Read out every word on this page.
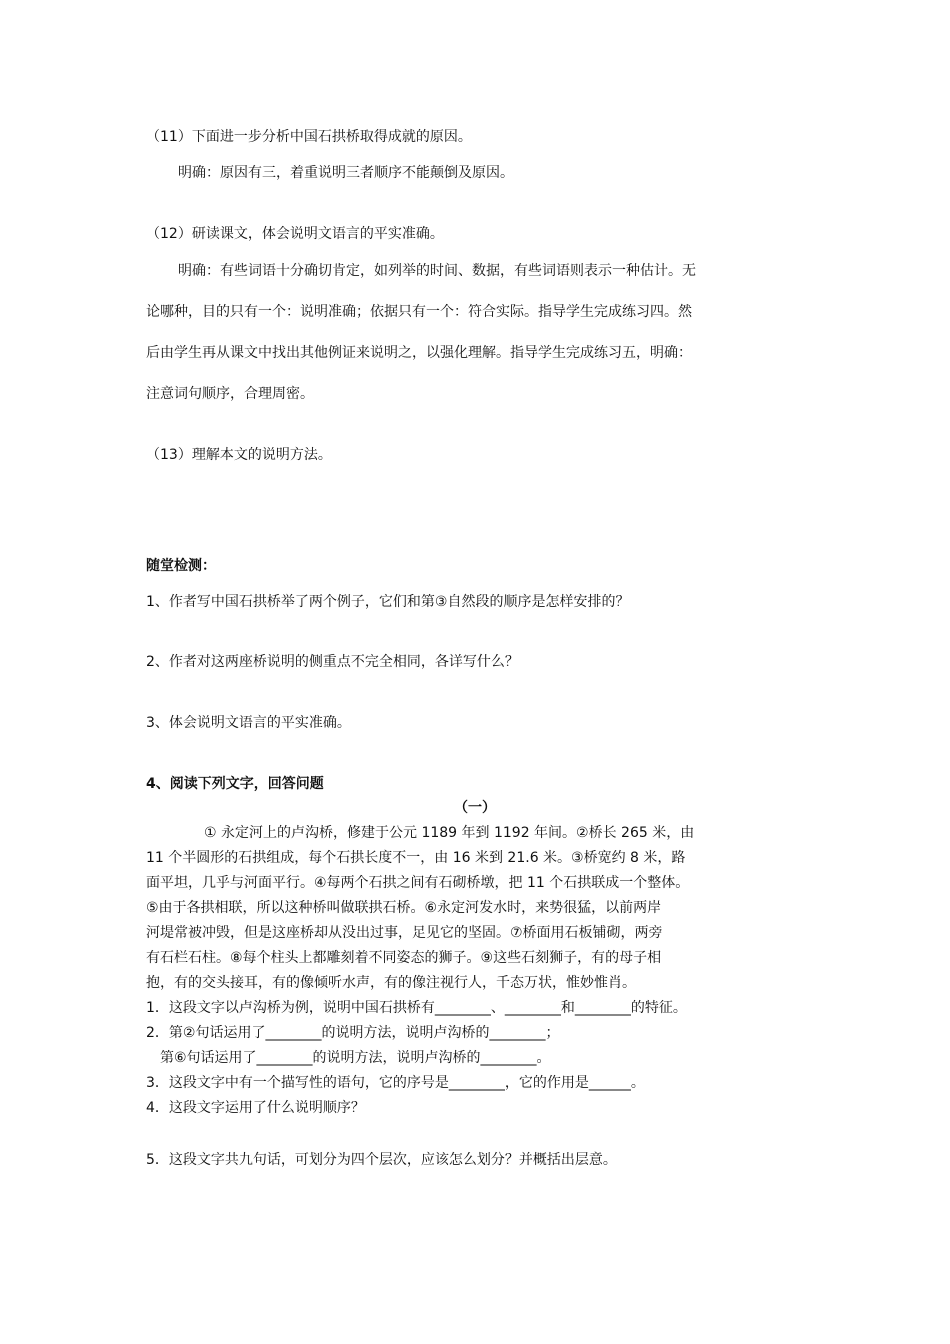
（11）下面进一步分析中国石拱桥取得成就的原因。

明确：原因有三，着重说明三者顺序不能颠倒及原因。

（12）研读课文，体会说明文语言的平实准确。

明确：有些词语十分确切肯定，如列举的时间、数据，有些词语则表示一种估计。无

论哪种，目的只有一个：说明准确；依据只有一个：符合实际。指导学生完成练习四。然

后由学生再从课文中找出其他例证来说明之，以强化理解。指导学生完成练习五，明确：

注意词句顺序，合理周密。

（13）理解本文的说明方法。

随堂检测：

1、作者写中国石拱桥举了两个例子，它们和第③自然段的顺序是怎样安排的？

2、作者对这两座桥说明的侧重点不完全相同，各详写什么？

3、体会说明文语言的平实准确。

4、阅读下列文字，回答问题

（一）

① 永定河上的卢沟桥，修建于公元 1189 年到 1192 年间。②桥长 265 米，由

11 个半圆形的石拱组成，每个石拱长度不一，由 16 米到 21.6 米。③桥宽约 8 米，路

面平坦，几乎与河面平行。④每两个石拱之间有石砌桥墩，把 11 个石拱联成一个整体。

⑤由于各拱相联，所以这种桥叫做联拱石桥。⑥永定河发水时，来势很猛，以前两岸

河堤常被冲毁，但是这座桥却从没出过事，足见它的坚固。⑦桥面用石板铺砌，两旁

有石栏石柱。⑧每个柱头上都雕刻着不同姿态的狮子。⑨这些石刻狮子，有的母子相

抱，有的交头接耳，有的像倾听水声，有的像注视行人，千态万状，惟妙惟肖。

1．这段文字以卢沟桥为例，说明中国石拱桥有________、________和________的特征。

2．第②句话运用了________的说明方法，说明卢沟桥的________；

第⑥句话运用了________的说明方法，说明卢沟桥的________。

3．这段文字中有一个描写性的语句，它的序号是________，它的作用是______。

4．这段文字运用了什么说明顺序？

5．这段文字共九句话，可划分为四个层次，应该怎么划分？并概括出层意。
